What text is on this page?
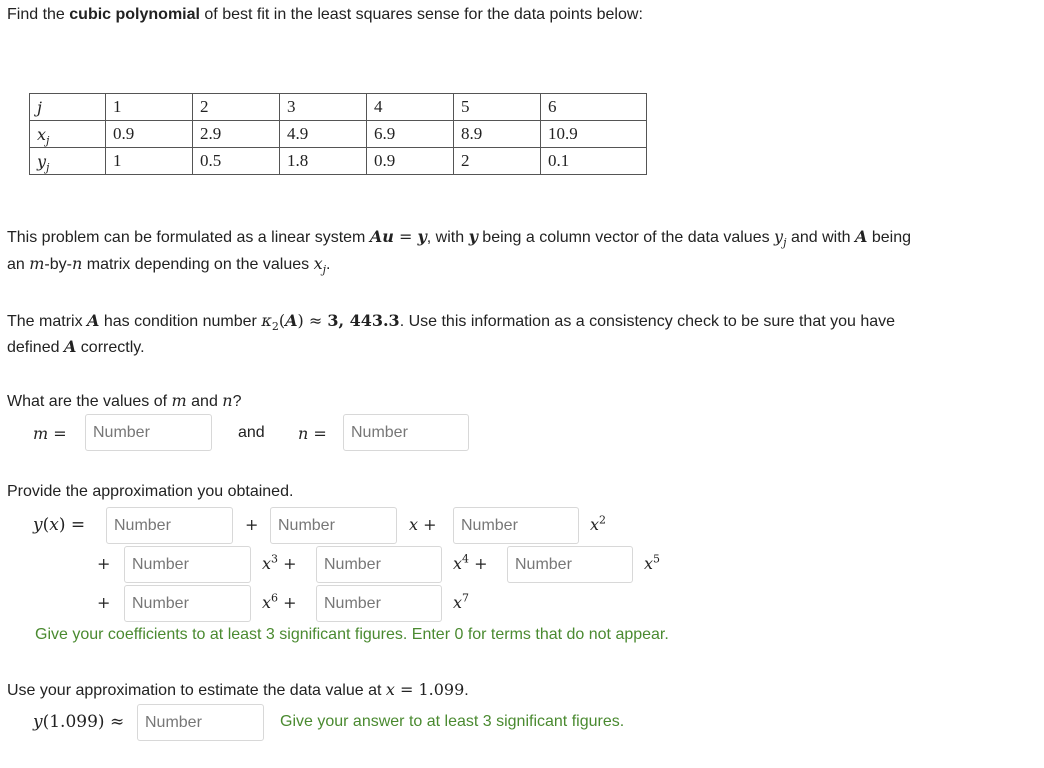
Find the cubic polynomial of best fit in the least squares sense for the data points below:
j	1	2	3	4	5	6
$x_j$	0.9	2.9	4.9	6.9	8.9	10.9
$y_j$	1	0.5	1.8	0.9	2	0.1
This problem can be formulated as a linear system Au = y, with y being a column vector of the data values $y_j$ and with A being
an m-by-n matrix depending on the values $x_j$.
The matrix A has condition number $\kappa_2(A) \approx 3$, 443.3. Use this information as a consistency check to be sure that you have
defined A correctly.
What are the values of m and n?
m =
Number	and n =
Number
Provide the approximation you obtained.
y(x) =
Number	+
Number	x +
Number	$x^2$
+
Number	$x^3$ +
Number	$x^4$ +
Number	$x^5$
+
Number	$x^6$ +
Number	$x^7$
Give your coefficients to at least 3 significant figures. Enter 0 for terms that do not appear.
Use your approximation to estimate the data value at x = 1.099.
y(1.099) ≈
Number	Give your answer to at least 3 significant figures.
